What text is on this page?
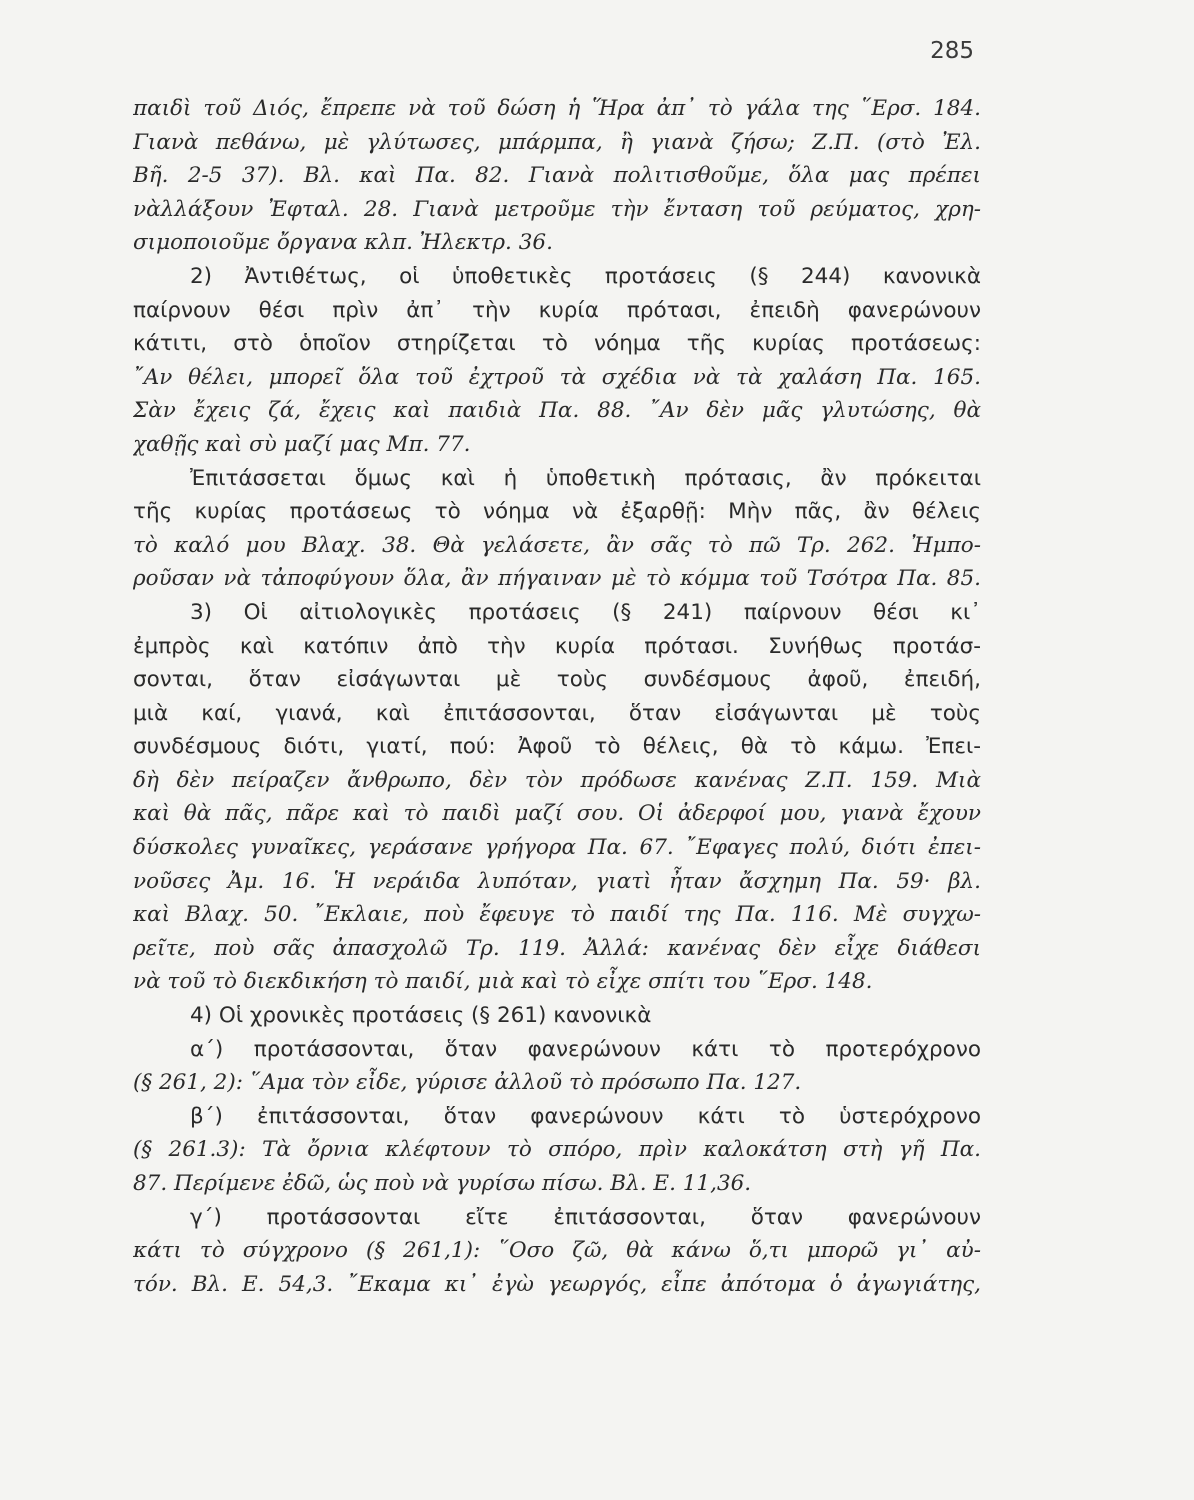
285
παιδὶ τοῦ Διός, ἔπρεπε νὰ τοῦ δώση ἡ Ἥρα ἀπ᾽ τὸ γάλα της ῞Ερσ. 184.
Γιανὰ πεθάνω, μὲ γλύτωσες, μπάρμπα, ἢ γιανὰ ζήσω; Ζ.Π. (στὸ Ἐλ.
Βῆ. 2-5 37). Βλ. καὶ Πα. 82. Γιανὰ πολιτισθοῦμε, ὅλα μας πρέπει
νὰλλάξουν Ἐφταλ. 28. Γιανὰ μετροῦμε τὴν ἔνταση τοῦ ρεύματος, χρη-
σιμοποιοῦμε ὄργανα κλπ. Ἠλεκτρ. 36.
2) Ἀντιθέτως, οἱ ὑποθετικὲς προτάσεις (§ 244) κανονικὰ
παίρνουν θέσι πρὶν ἀπ᾽ τὴν κυρία πρότασι, ἐπειδὴ φανερώνουν
κάτιτι, στὸ ὁποῖον στηρίζεται τὸ νόημα τῆς κυρίας προτάσεως:
῎Αν θέλει, μπορεῖ ὅλα τοῦ ἐχτροῦ τὰ σχέδια νὰ τὰ χαλάση Πα. 165.
Σὰν ἔχεις ζά, ἔχεις καὶ παιδιὰ Πα. 88. ῎Αν δὲν μᾶς γλυτώσης, θὰ
χαθῇς καὶ σὺ μαζί μας Μπ. 77.
Ἐπιτάσσεται ὅμως καὶ ἡ ὑποθετικὴ πρότασις, ἂν πρόκειται
τῆς κυρίας προτάσεως τὸ νόημα νὰ ἐξαρθῇ: Μὴν πᾶς, ἂν θέλεις
τὸ καλό μου Βλαχ. 38. Θὰ γελάσετε, ἂν σᾶς τὸ πῶ Τρ. 262. Ἠμπο-
ροῦσαν νὰ τἀποφύγουν ὅλα, ἂν πήγαιναν μὲ τὸ κόμμα τοῦ Τσότρα Πα. 85.
3) Οἱ αἰτιολογικὲς προτάσεις (§ 241) παίρνουν θέσι κι᾽
ἐμπρὸς καὶ κατόπιν ἀπὸ τὴν κυρία πρότασι. Συνήθως προτάσ-
σονται, ὅταν εἰσάγωνται μὲ τοὺς συνδέσμους ἀφοῦ, ἐπειδή,
μιὰ καί, γιανά, καὶ ἐπιτάσσονται, ὅταν εἰσάγωνται μὲ τοὺς
συνδέσμους διότι, γιατί, πού: Ἀφοῦ τὸ θέλεις, θὰ τὸ κάμω. Ἐπει-
δὴ δὲν πείραζεν ἄνθρωπο, δὲν τὸν πρόδωσε κανένας Ζ.Π. 159. Μιὰ
καὶ θὰ πᾶς, πᾶρε καὶ τὸ παιδὶ μαζί σου. Οἱ ἀδερφοί μου, γιανὰ ἔχουν
δύσκολες γυναῖκες, γεράσανε γρήγορα Πα. 67. ῎Εφαγες πολύ, διότι ἐπει-
νοῦσες Ἀμ. 16. Ἡ νεράιδα λυπόταν, γιατὶ ἦταν ἄσχημη Πα. 59· βλ.
καὶ Βλαχ. 50. ῎Εκλαιε, ποὺ ἔφευγε τὸ παιδί της Πα. 116. Μὲ συγχω-
ρεῖτε, ποὺ σᾶς ἀπασχολῶ Τρ. 119. Ἀλλά: κανένας δὲν εἶχε διάθεσι
νὰ τοῦ τὸ διεκδικήση τὸ παιδί, μιὰ καὶ τὸ εἶχε σπίτι του ῞Ερσ. 148.
4) Οἱ χρονικὲς προτάσεις (§ 261) κανονικὰ
α´) προτάσσονται, ὅταν φανερώνουν κάτι τὸ προτερόχρονο
(§ 261, 2): ῞Αμα τὸν εἶδε, γύρισε ἀλλοῦ τὸ πρόσωπο Πα. 127.
β´) ἐπιτάσσονται, ὅταν φανερώνουν κάτι τὸ ὑστερόχρονο
(§ 261.3): Τὰ ὄρνια κλέφτουν τὸ σπόρο, πρὶν καλοκάτση στὴ γῆ Πα.
87. Περίμενε ἐδῶ, ὡς ποὺ νὰ γυρίσω πίσω. Βλ. Ε. 11,36.
γ´) προτάσσονται εἴτε ἐπιτάσσονται, ὅταν φανερώνουν
κάτι τὸ σύγχρονο (§ 261,1): ῞Οσο ζῶ, θὰ κάνω ὅ,τι μπορῶ γι᾽ αὐ-
τόν. Βλ. Ε. 54,3. ῎Εκαμα κι᾽ ἐγὼ γεωργός, εἶπε ἀπότομα ὁ ἀγωγιάτης,
